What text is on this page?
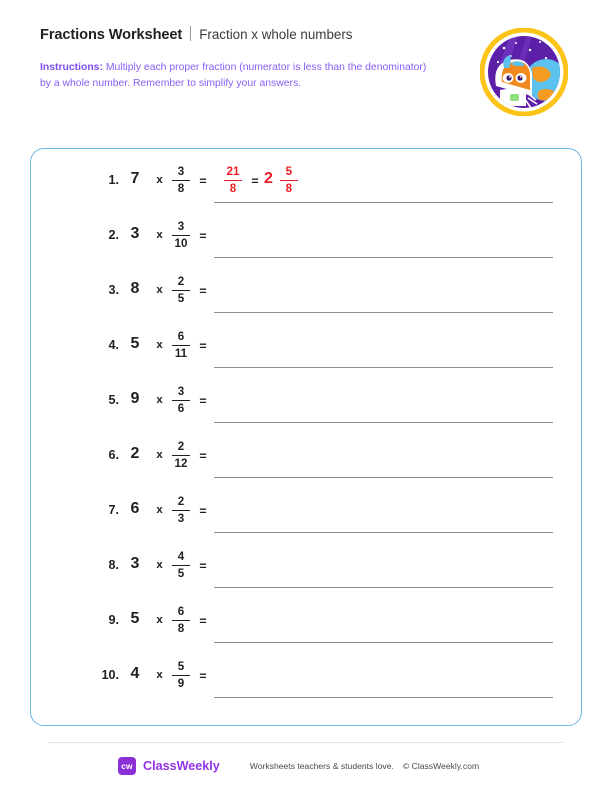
Fractions Worksheet Fraction x whole numbers
Instructions: Multiply each proper fraction (numerator is less than the denominator) by a whole number. Remember to simplify your answers.
1. 7	x $\frac{3}{8}$ =	$\frac{21}{8} = 2 \frac{5}{8}$
2. 3	x $\frac{3}{10}$ =
3. 8	x $\frac{2}{5}$ =
4. 5	x $\frac{6}{11}$ =
5. 9	x $\frac{3}{6}$ =
6. 2	x $\frac{2}{12}$ =
7. 6	x $\frac{2}{3}$ =
8. 3	x $\frac{4}{5}$ =
9. 5	x $\frac{6}{8}$ =
10. 4	x $\frac{5}{9}$ =
cw ClassWeekly	Worksheets teachers & students love. © ClassWeekly.com
